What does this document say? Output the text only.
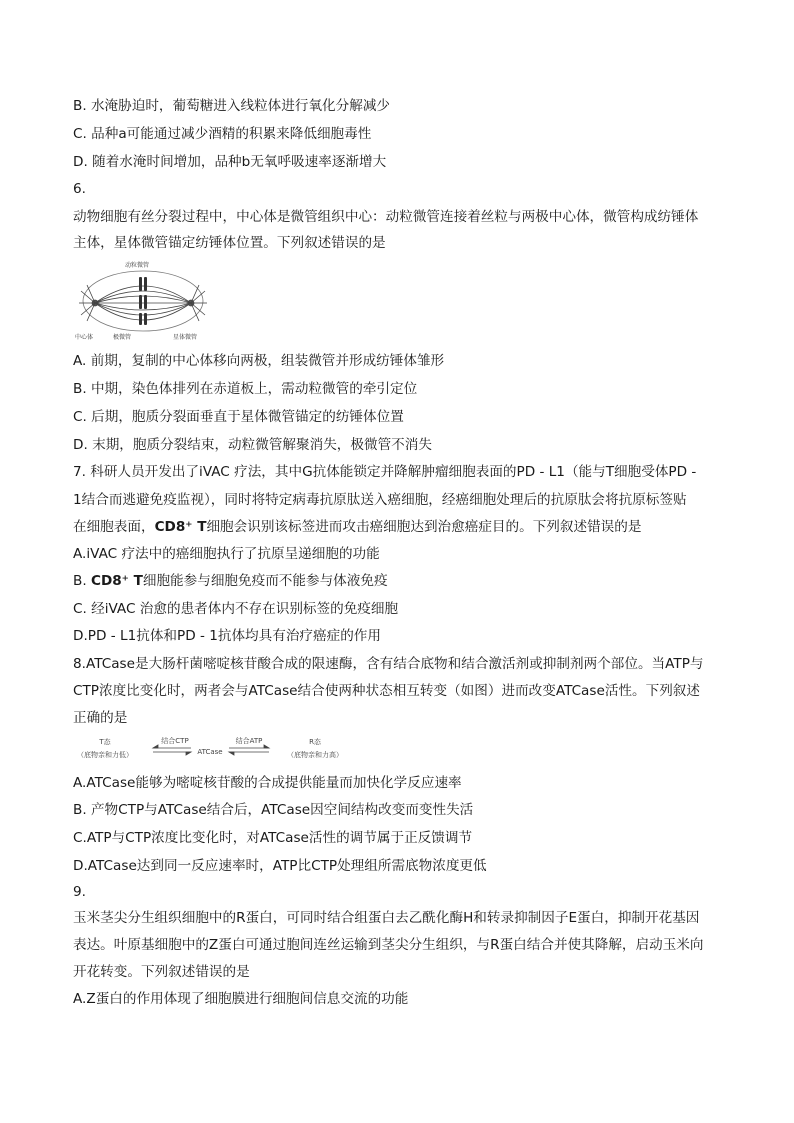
B. 水淹胁迫时，葡萄糖进入线粒体进行氧化分解减少
C. 品种a可能通过减少酒精的积累来降低细胞毒性
D. 随着水淹时间增加，品种b无氧呼吸速率逐渐增大
6.
动物细胞有丝分裂过程中，中心体是微管组织中心：动粒微管连接着丝粒与两极中心体，微管构成纺锤体
主体，星体微管锚定纺锤体位置。下列叙述错误的是
动粒微管
中心体	极微管	星体微管
A. 前期，复制的中心体移向两极，组装微管并形成纺锤体雏形
B. 中期，染色体排列在赤道板上，需动粒微管的牵引定位
C. 后期，胞质分裂面垂直于星体微管锚定的纺锤体位置
D. 末期，胞质分裂结束，动粒微管解聚消失，极微管不消失
7. 科研人员开发出了iVAC 疗法，其中G抗体能锁定并降解肿瘤细胞表面的PD - L1（能与T细胞受体PD -
1结合而逃避免疫监视），同时将特定病毒抗原肽送入癌细胞，经癌细胞处理后的抗原肽会将抗原标签贴
在细胞表面，CD8⁺ T细胞会识别该标签进而攻击癌细胞达到治愈癌症目的。下列叙述错误的是
A.iVAC 疗法中的癌细胞执行了抗原呈递细胞的功能
B. CD8⁺ T细胞能参与细胞免疫而不能参与体液免疫
C. 经iVAC 治愈的患者体内不存在识别标签的免疫细胞
D.PD - L1抗体和PD - 1抗体均具有治疗癌症的作用
8.ATCase是大肠杆菌嘧啶核苷酸合成的限速酶，含有结合底物和结合激活剂或抑制剂两个部位。当ATP与
CTP浓度比变化时，两者会与ATCase结合使两种状态相互转变（如图）进而改变ATCase活性。下列叙述
正确的是
T态
（底物亲和力低）
结合CTP
ATCase
结合ATP	R态
（底物亲和力高）
A.ATCase能够为嘧啶核苷酸的合成提供能量而加快化学反应速率
B. 产物CTP与ATCase结合后，ATCase因空间结构改变而变性失活
C.ATP与CTP浓度比变化时，对ATCase活性的调节属于正反馈调节
D.ATCase达到同一反应速率时，ATP比CTP处理组所需底物浓度更低
9.
玉米茎尖分生组织细胞中的R蛋白，可同时结合组蛋白去乙酰化酶H和转录抑制因子E蛋白，抑制开花基因
表达。叶原基细胞中的Z蛋白可通过胞间连丝运输到茎尖分生组织，与R蛋白结合并使其降解，启动玉米向
开花转变。下列叙述错误的是
A.Z蛋白的作用体现了细胞膜进行细胞间信息交流的功能
